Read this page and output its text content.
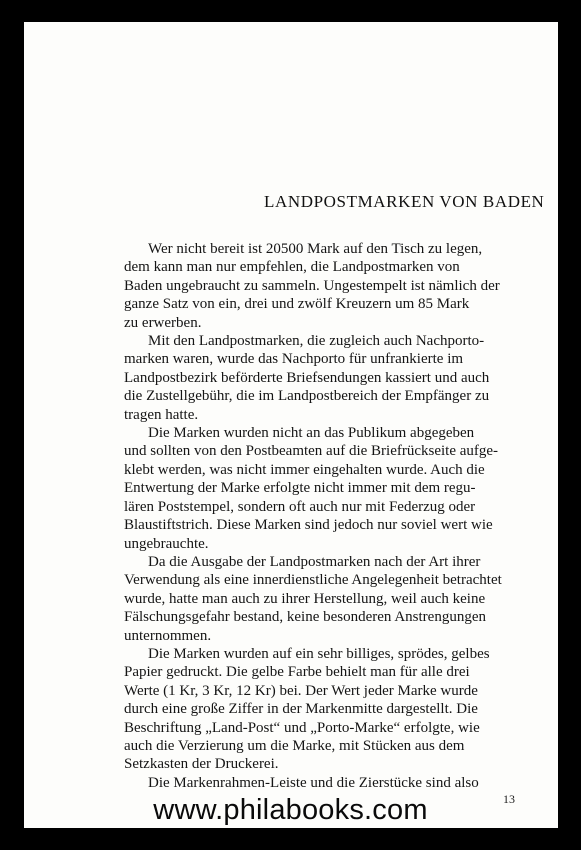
LANDPOSTMARKEN VON BADEN

Wer nicht bereit ist 20500 Mark auf den Tisch zu legen,
dem kann man nur empfehlen, die Landpostmarken von
Baden ungebraucht zu sammeln. Ungestempelt ist nämlich der
ganze Satz von ein, drei und zwölf Kreuzern um 85 Mark
zu erwerben.

Mit den Landpostmarken, die zugleich auch Nachporto-
marken waren, wurde das Nachporto für unfrankierte im
Landpostbezirk beförderte Briefsendungen kassiert und auch
die Zustellgebühr, die im Landpostbereich der Empfänger zu
tragen hatte.

Die Marken wurden nicht an das Publikum abgegeben
und sollten von den Postbeamten auf die Briefrückseite aufge-
klebt werden, was nicht immer eingehalten wurde. Auch die
Entwertung der Marke erfolgte nicht immer mit dem regu-
lären Poststempel, sondern oft auch nur mit Federzug oder
Blaustiftstrich. Diese Marken sind jedoch nur soviel wert wie
ungebrauchte.

Da die Ausgabe der Landpostmarken nach der Art ihrer
Verwendung als eine innerdienstliche Angelegenheit betrachtet
wurde, hatte man auch zu ihrer Herstellung, weil auch keine
Fälschungsgefahr bestand, keine besonderen Anstrengungen
unternommen.

Die Marken wurden auf ein sehr billiges, sprödes, gelbes
Papier gedruckt. Die gelbe Farbe behielt man für alle drei
Werte (1 Kr, 3 Kr, 12 Kr) bei. Der Wert jeder Marke wurde
durch eine große Ziffer in der Markenmitte dargestellt. Die
Beschriftung „Land-Post“ und „Porto-Marke“ erfolgte, wie
auch die Verzierung um die Marke, mit Stücken aus dem
Setzkasten der Druckerei.

Die Markenrahmen-Leiste und die Zierstücke sind also

13
www.philabooks.com
